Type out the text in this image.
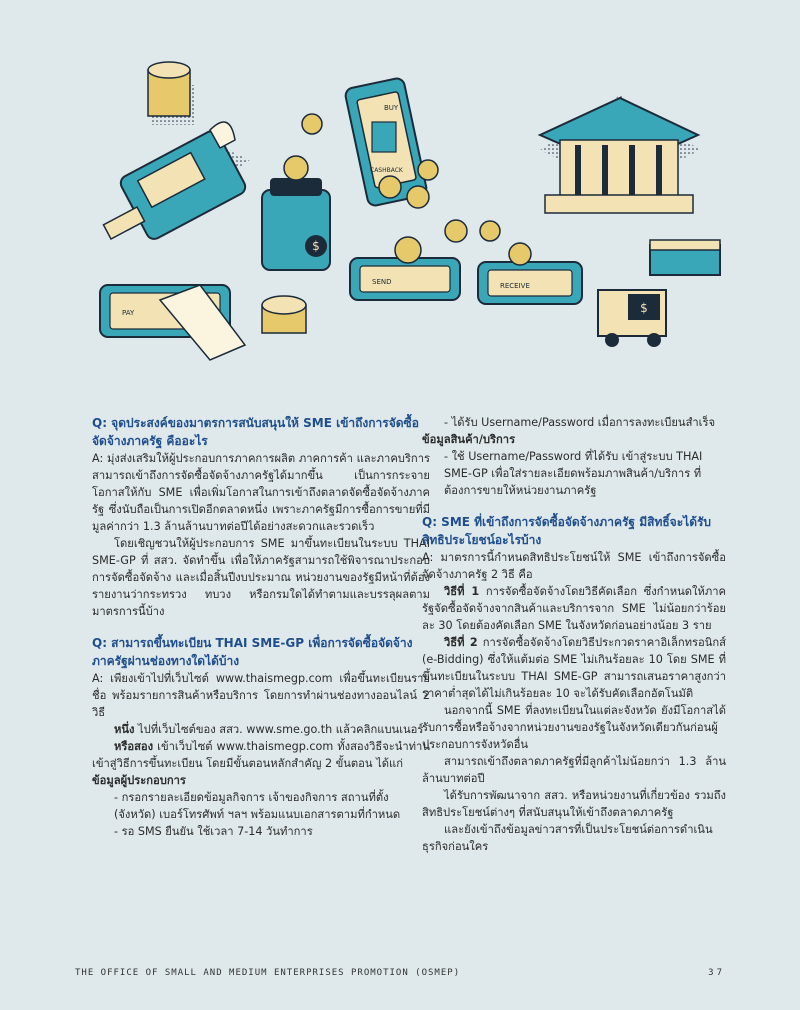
$
BUY
CASHBACK
SEND	RECEIVE
PAY	$

Q: จุดประสงค์ของมาตรการสนับสนุนให้ SME เข้าถึงการจัดซื้อจัดจ้างภาครัฐ คืออะไร

A: มุ่งส่งเสริมให้ผู้ประกอบการภาคการผลิต ภาคการค้า และภาคบริการ สามารถเข้าถึงการจัดซื้อจัดจ้างภาครัฐได้มากขึ้น เป็นการกระจายโอกาสให้กับ SME เพื่อเพิ่มโอกาสในการเข้าถึงตลาดจัดซื้อจัดจ้างภาครัฐ ซึ่งนับถือเป็นการเปิดอีกตลาดหนึ่ง เพราะภาครัฐมีการซื้อการขายที่มีมูลค่ากว่า 1.3 ล้านล้านบาทต่อปีได้อย่างสะดวกและรวดเร็ว

โดยเชิญชวนให้ผู้ประกอบการ SME มาขึ้นทะเบียนในระบบ THAI SME-GP ที่ สสว. จัดทำขึ้น เพื่อให้ภาครัฐสามารถใช้พิจารณาประกอบการจัดซื้อจัดจ้าง และเมื่อสิ้นปีงบประมาณ หน่วยงานของรัฐมีหน้าที่ต้องรายงานว่ากระทรวง ทบวง หรือกรมใดได้ทำตามและบรรลุผลตามมาตรการนี้บ้าง

Q: สามารถขึ้นทะเบียน THAI SME-GP เพื่อการจัดซื้อจัดจ้างภาครัฐผ่านช่องทางใดได้บ้าง

A: เพียงเข้าไปที่เว็บไซต์ www.thaismegp.com เพื่อขึ้นทะเบียนรายชื่อ พร้อมรายการสินค้าหรือบริการ โดยการทำผ่านช่องทางออนไลน์ 2 วิธี

หนึ่ง ไปที่เว็บไซต์ของ สสว. www.sme.go.th แล้วคลิกแบนเนอร์

หรือสอง เข้าเว็บไซต์ www.thaismegp.com ทั้งสองวิธีจะนำท่านเข้าสู่วิธีการขึ้นทะเบียน โดยมีขั้นตอนหลักสำคัญ 2 ขั้นตอน ได้แก่

ข้อมูลผู้ประกอบการ

- กรอกรายละเอียดข้อมูลกิจการ เจ้าของกิจการ สถานที่ตั้ง (จังหวัด) เบอร์โทรศัพท์ ฯลฯ พร้อมแนบเอกสารตามที่กำหนด

- รอ SMS ยืนยัน ใช้เวลา 7-14 วันทำการ

- ได้รับ Username/Password เมื่อการลงทะเบียนสำเร็จ

ข้อมูลสินค้า/บริการ

- ใช้ Username/Password ที่ได้รับ เข้าสู่ระบบ THAI SME-GP เพื่อใส่รายละเอียดพร้อมภาพสินค้า/บริการ ที่ต้องการขายให้หน่วยงานภาครัฐ

Q: SME ที่เข้าถึงการจัดซื้อจัดจ้างภาครัฐ มีสิทธิ์จะได้รับสิทธิประโยชน์อะไรบ้าง

A: มาตรการนี้กำหนดสิทธิประโยชน์ให้ SME เข้าถึงการจัดซื้อจัดจ้างภาครัฐ 2 วิธี คือ

วิธีที่ 1 การจัดซื้อจัดจ้างโดยวิธีคัดเลือก ซึ่งกำหนดให้ภาครัฐจัดซื้อจัดจ้างจากสินค้าและบริการจาก SME ไม่น้อยกว่าร้อยละ 30 โดยต้องคัดเลือก SME ในจังหวัดก่อนอย่างน้อย 3 ราย

วิธีที่ 2 การจัดซื้อจัดจ้างโดยวิธีประกวดราคาอิเล็กทรอนิกส์ (e-Bidding) ซึ่งให้แต้มต่อ SME ไม่เกินร้อยละ 10 โดย SME ที่ขึ้นทะเบียนในระบบ THAI SME-GP สามารถเสนอราคาสูงกว่าราคาต่ำสุดได้ไม่เกินร้อยละ 10 จะได้รับคัดเลือกอัตโนมัติ

นอกจากนี้ SME ที่ลงทะเบียนในแต่ละจังหวัด ยังมีโอกาสได้รับการซื้อหรือจ้างจากหน่วยงานของรัฐในจังหวัดเดียวกันก่อนผู้ประกอบการจังหวัดอื่น

สามารถเข้าถึงตลาดภาครัฐที่มีลูกค้าไม่น้อยกว่า 1.3 ล้านล้านบาทต่อปี

ได้รับการพัฒนาจาก สสว. หรือหน่วยงานที่เกี่ยวข้อง รวมถึงสิทธิประโยชน์ต่างๆ ที่สนับสนุนให้เข้าถึงตลาดภาครัฐ

และยังเข้าถึงข้อมูลข่าวสารที่เป็นประโยชน์ต่อการดำเนินธุรกิจก่อนใคร

THE OFFICE OF SMALL AND MEDIUM ENTERPRISES PROMOTION (OSMEP)	37
